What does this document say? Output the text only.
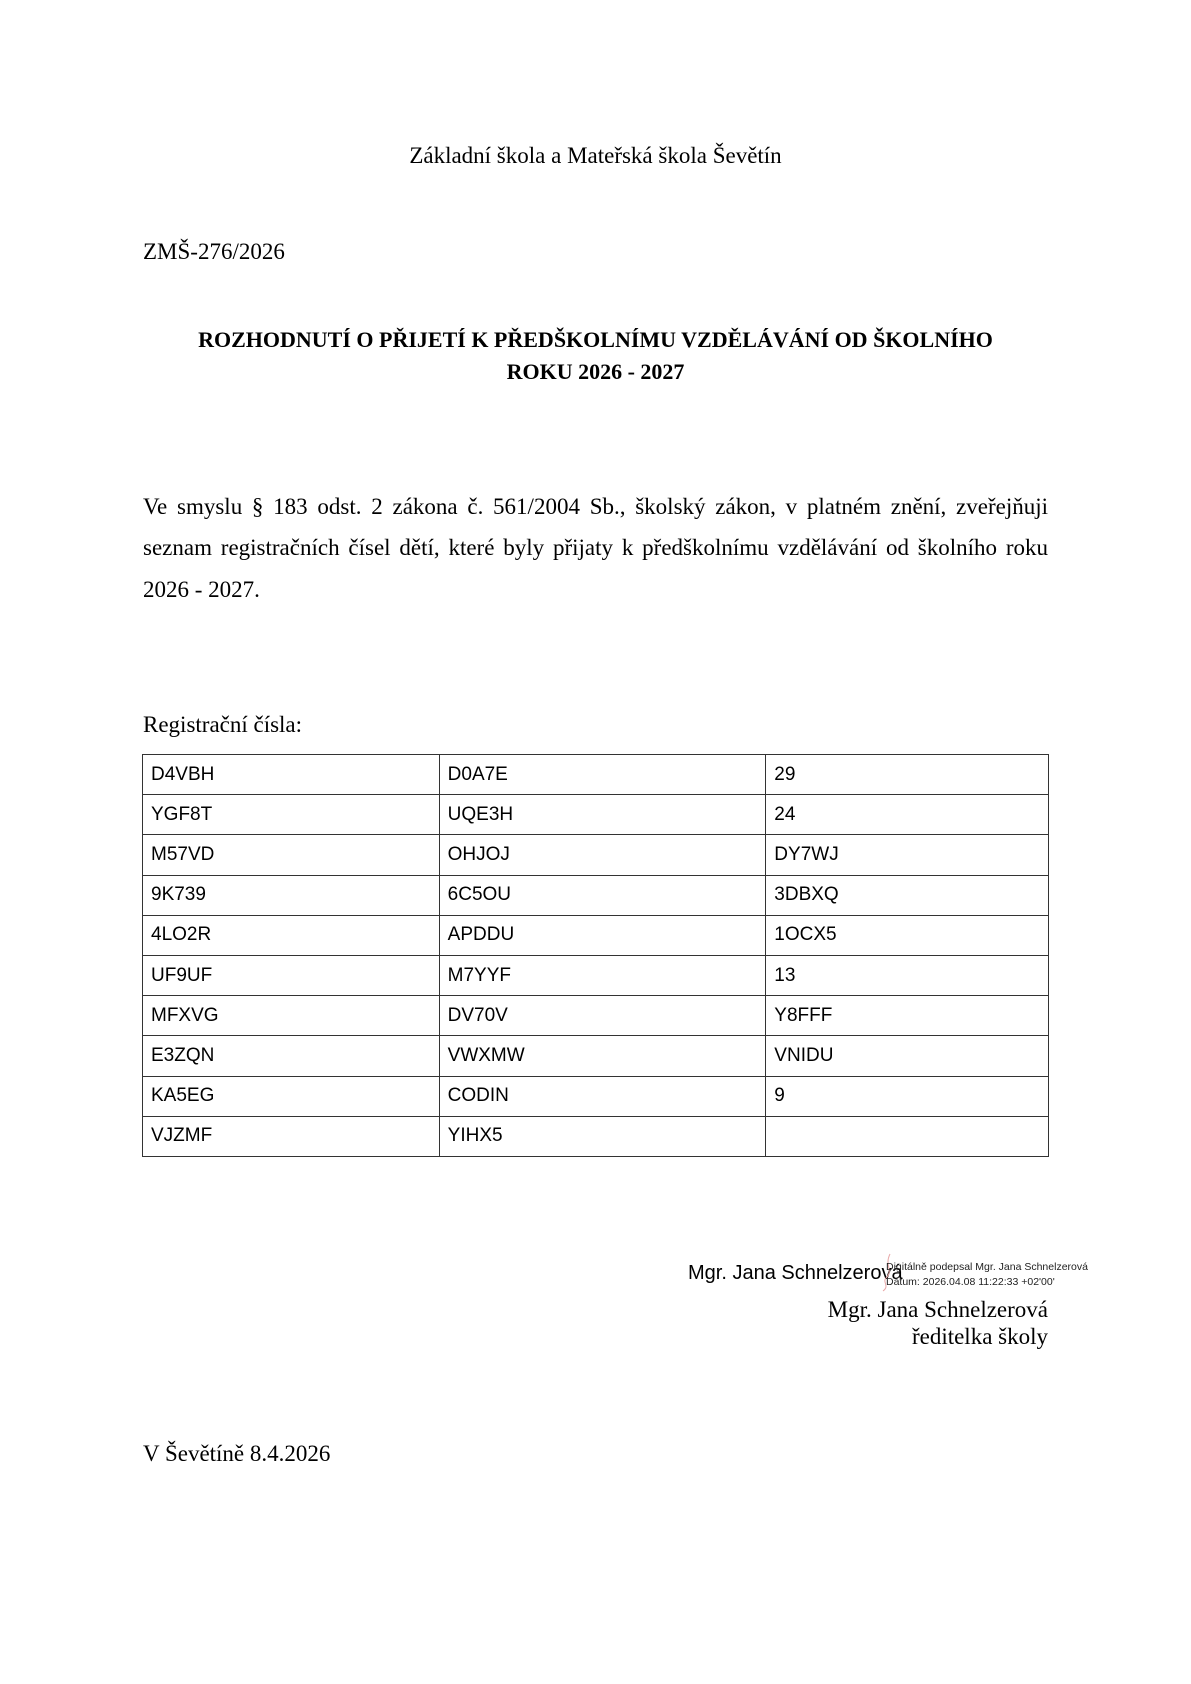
Základní škola a Mateřská škola Ševětín
ZMŠ-276/2026
ROZHODNUTÍ O PŘIJETÍ K PŘEDŠKOLNÍMU VZDĚLÁVÁNÍ OD ŠKOLNÍHO
ROKU 2026 - 2027
Ve smyslu § 183 odst. 2 zákona č. 561/2004 Sb., školský zákon, v platném znění, zveřejňuji
seznam registračních čísel dětí, které byly přijaty k předškolnímu vzdělávání od školního roku
2026 - 2027.
Registrační čísla:
D4VBH	D0A7E	29
YGF8T	UQE3H	24
M57VD	OHJOJ	DY7WJ
9K739	6C5OU	3DBXQ
4LO2R	APDDU	1OCX5
UF9UF	M7YYF	13
MFXVG	DV70V	Y8FFF
E3ZQN	VWXMW	VNIDU
KA5EG	CODIN	9
VJZMF	YIHX5	
Mgr. Jana Schnelzerová
Digitálně podepsal Mgr. Jana Schnelzerová
Datum: 2026.04.08 11:22:33 +02'00'
Mgr. Jana Schnelzerová
ředitelka školy
V Ševětíně 8.4.2026
